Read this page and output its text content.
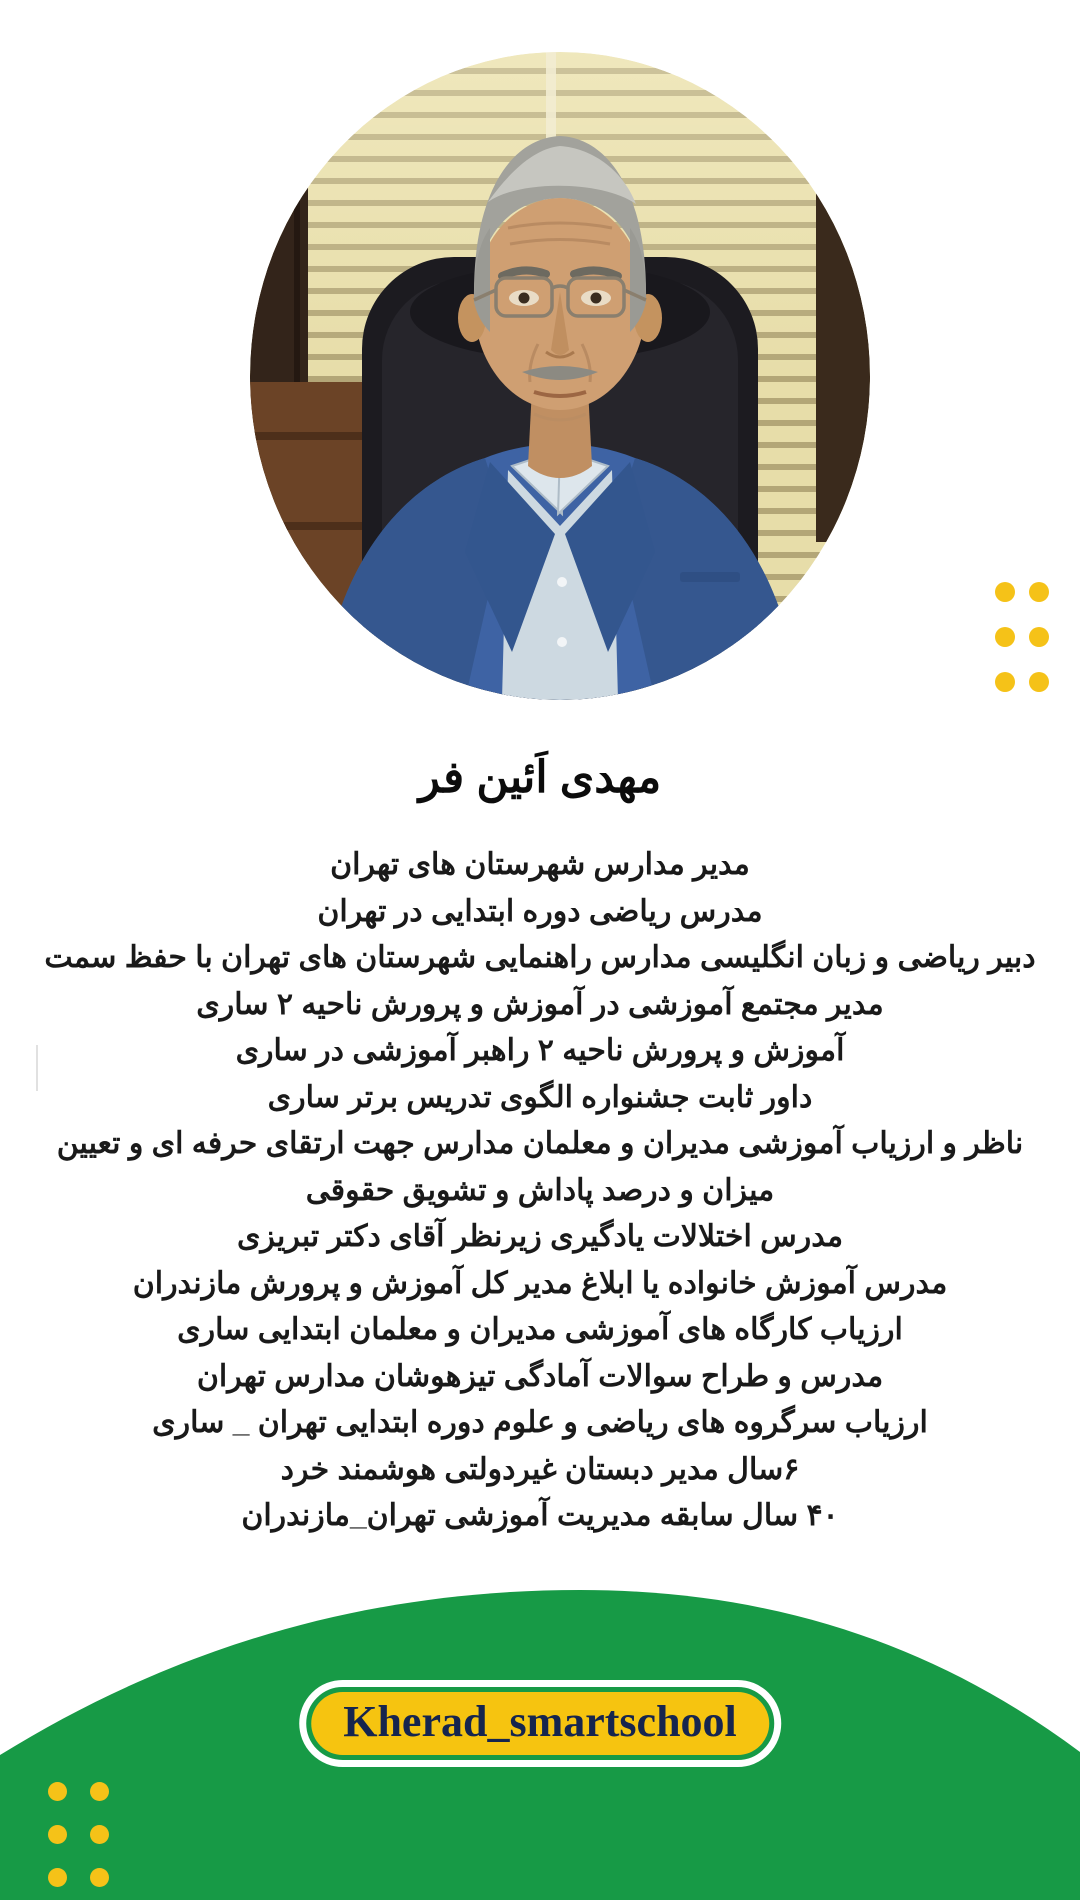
مهدی اَئین فر
مدیر مدارس شهرستان های تهران
مدرس ریاضی دوره ابتدایی در تهران
دبیر ریاضی و زبان انگلیسی مدارس راهنمایی شهرستان های تهران با حفظ سمت
مدیر مجتمع آموزشی در آموزش و پرورش ناحیه ۲ ساری
آموزش و پرورش ناحیه ۲ راهبر آموزشی در ساری
داور ثابت جشنواره الگوی تدریس برتر ساری
ناظر و ارزیاب آموزشی مدیران و معلمان مدارس جهت ارتقای حرفه ای و تعیین میزان و درصد پاداش و تشویق حقوقی
مدرس اختلالات یادگیری زیرنظر آقای دکتر تبریزی
مدرس آموزش خانواده یا ابلاغ مدیر کل آموزش و پرورش مازندران
ارزیاب کارگاه های آموزشی مدیران و معلمان ابتدایی ساری
مدرس و طراح سوالات آمادگی تیزهوشان مدارس تهران
ارزیاب سرگروه های ریاضی و علوم دوره ابتدایی تهران _ ساری
۶سال مدیر دبستان غیردولتی هوشمند خرد
۴۰ سال سابقه مدیریت آموزشی تهران_مازندران
Kherad_smartschool
